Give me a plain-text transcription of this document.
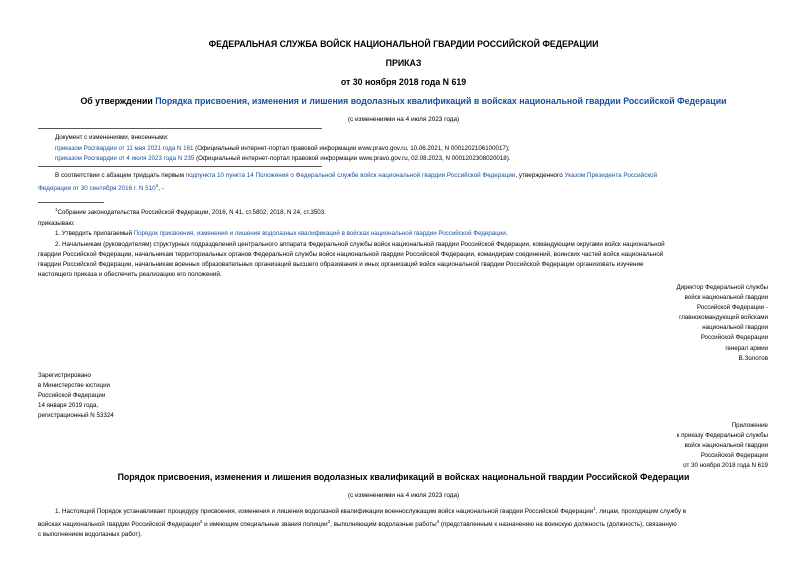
ФЕДЕРАЛЬНАЯ СЛУЖБА ВОЙСК НАЦИОНАЛЬНОЙ ГВАРДИИ РОССИЙСКОЙ ФЕДЕРАЦИИ
ПРИКАЗ
от 30 ноября 2018 года N 619
Об утверждении Порядка присвоения, изменения и лишения водолазных квалификаций в войсках национальной гвардии Российской Федерации
(с изменениями на 4 июля 2023 года)
Документ с изменениями, внесенными:
приказом Росгвардии от 11 мая 2021 года N 161 (Официальный интернет-портал правовой информации www.pravo.gov.ru, 10.06.2021, N 0001202106100017);
приказом Росгвардии от 4 июля 2023 года N 235 (Официальный интернет-портал правовой информации www.pravo.gov.ru, 02.08.2023, N 0001202308020018).
В соответствии с абзацем тридцать первым подпункта 10 пункта 14 Положения о Федеральной службе войск национальной гвардии Российской Федерации, утвержденного Указом Президента Российской
Федерации от 30 сентября 2016 г. N $510^1$, -
$^1$Собрание законодательства Российской Федерации, 2016, N 41, ст.5802; 2018, N 24, ст.3503.
приказываю:
1. Утвердить прилагаемый Порядок присвоения, изменения и лишения водолазных квалификаций в войсках национальной гвардии Российской Федерации.
2. Начальникам (руководителям) структурных подразделений центрального аппарата Федеральной службы войск национальной гвардии Российской Федерации, командующим округами войск национальной
гвардии Российской Федерации, начальникам территориальных органов Федеральной службы войск национальной гвардии Российской Федерации, командирам соединений, воинских частей войск национальной
гвардии Российской Федерации, начальникам военных образовательных организаций высшего образования и иных организаций войск национальной гвардии Российской Федерации организовать изучение
настоящего приказа и обеспечить реализацию его положений.
Директор Федеральной службы
войск национальной гвардии
Российской Федерации -
главнокомандующий войсками
национальной гвардии
Российской Федерации
генерал армии
В.Золотов
Зарегистрировано
в Министерстве юстиции
Российской Федерации
14 января 2019 года,
регистрационный N 53324
Приложение
к приказу Федеральной службы
войск национальной гвардии
Российской Федерации
от 30 ноября 2018 года N 619
Порядок присвоения, изменения и лишения водолазных квалификаций в войсках национальной гвардии Российской Федерации
(с изменениями на 4 июля 2023 года)
1. Настоящий Порядок устанавливает процедуру присвоения, изменения и лишения водолазной квалификации военнослужащим войск национальной гвардии Российской Федерации$^1$, лицам, проходящим службу в
войсках национальной гвардии Российской Федерации$^2$ и имеющим специальные звания полиции$^3$, выполняющим водолазные работы$^4$ (представленным к назначению на воинскую должность (должность), связанную
с выполнением водолазных работ).
